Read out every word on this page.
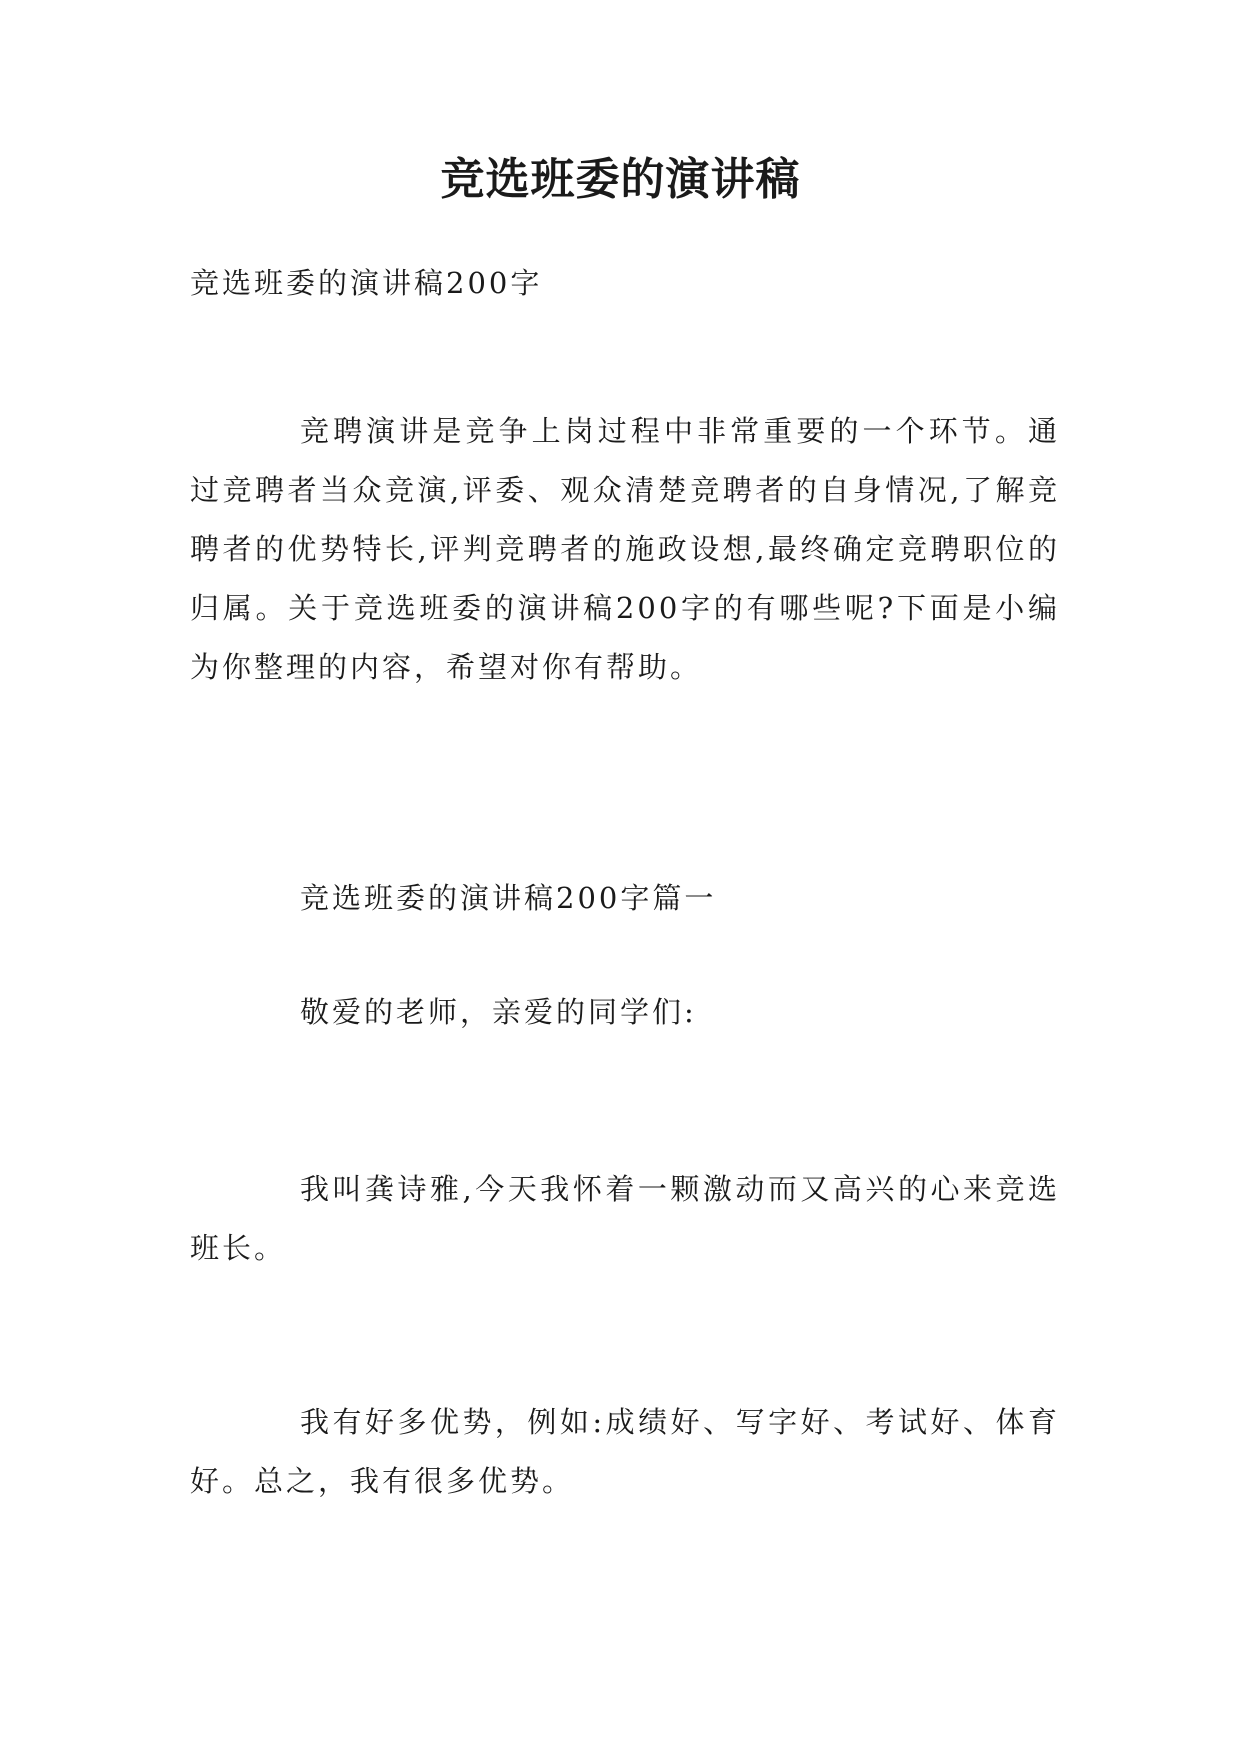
竞选班委的演讲稿
竞选班委的演讲稿200字
竞聘演讲是竞争上岗过程中非常重要的一个环节。通过竞聘者当众竞演,评委、观众清楚竞聘者的自身情况,了解竞聘者的优势特长,评判竞聘者的施政设想,最终确定竞聘职位的归属。关于竞选班委的演讲稿200字的有哪些呢?下面是小编为你整理的内容，希望对你有帮助。
竞选班委的演讲稿200字篇一
敬爱的老师，亲爱的同学们:
我叫龚诗雅,今天我怀着一颗激动而又高兴的心来竞选班长。
我有好多优势，例如:成绩好、写字好、考试好、体育好。总之，我有很多优势。
